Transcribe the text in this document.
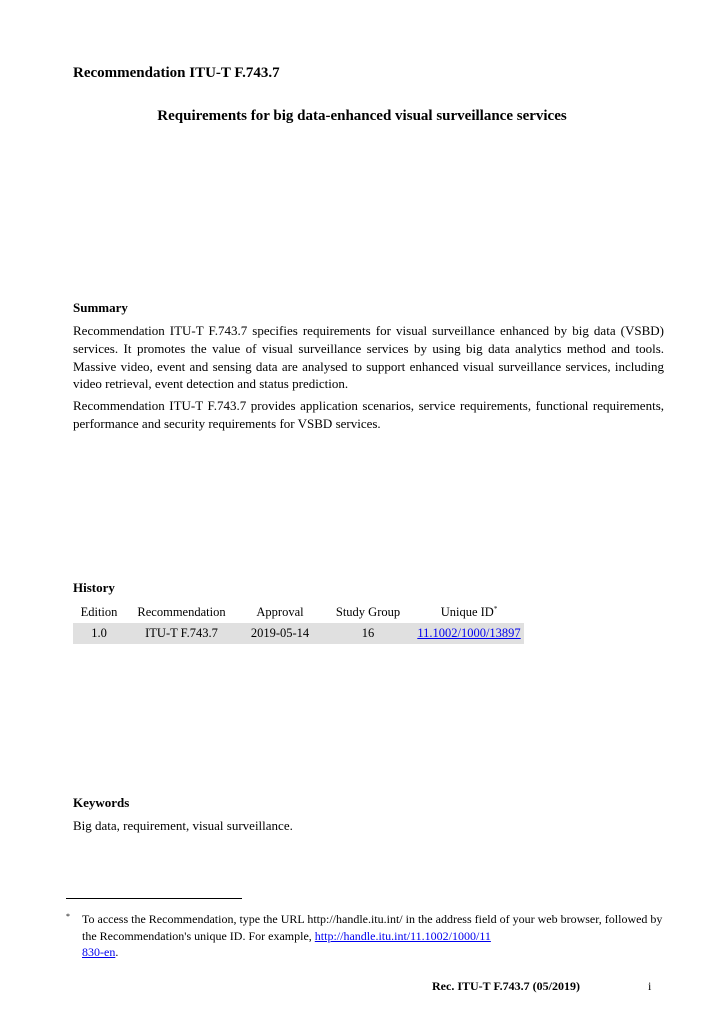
Recommendation ITU-T F.743.7
Requirements for big data-enhanced visual surveillance services
Summary
Recommendation ITU-T F.743.7 specifies requirements for visual surveillance enhanced by big data (VSBD) services. It promotes the value of visual surveillance services by using big data analytics method and tools. Massive video, event and sensing data are analysed to support enhanced visual surveillance services, including video retrieval, event detection and status prediction.
Recommendation ITU-T F.743.7 provides application scenarios, service requirements, functional requirements, performance and security requirements for VSBD services.
History
Edition	Recommendation	Approval	Study Group	Unique ID*
1.0	ITU-T F.743.7	2019-05-14	16	11.1002/1000/13897
Keywords
Big data, requirement, visual surveillance.
* To access the Recommendation, type the URL http://handle.itu.int/ in the address field of your web browser, followed by the Recommendation's unique ID. For example, http://handle.itu.int/11.1002/1000/11
830-en.
Rec. ITU-T F.743.7 (05/2019)	i
